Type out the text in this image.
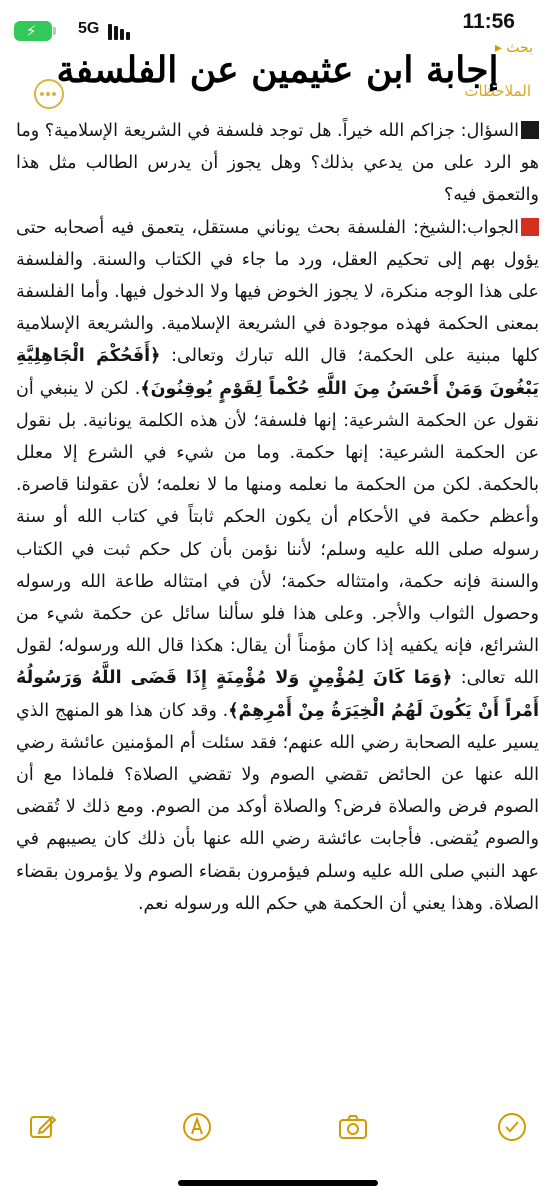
⚡	5G	11:56
بحث ▸
الملاحظات
إجابة ابن عثيمين عن الفلسفة

السؤال: جزاكم الله خيراً. هل توجد فلسفة في الشريعة الإسلامية؟ وما هو الرد على من يدعي بذلك؟ وهل يجوز أن يدرس الطالب مثل هذا والتعمق فيه؟

الجواب:الشيخ: الفلسفة بحث يوناني مستقل، يتعمق فيه أصحابه حتى يؤول بهم إلى تحكيم العقل، ورد ما جاء في الكتاب والسنة. والفلسفة على هذا الوجه منكرة، لا يجوز الخوض فيها ولا الدخول فيها. وأما الفلسفة بمعنى الحكمة فهذه موجودة في الشريعة الإسلامية. والشريعة الإسلامية كلها مبنية على الحكمة؛ قال الله تبارك وتعالى: ﴿أَفَحُكْمَ الْجَاهِلِيَّةِ يَبْغُونَ وَمَنْ أَحْسَنُ مِنَ اللَّهِ حُكْماً لِقَوْمٍ يُوقِنُونَ﴾. لكن لا ينبغي أن نقول عن الحكمة الشرعية: إنها فلسفة؛ لأن هذه الكلمة يونانية. بل نقول عن الحكمة الشرعية: إنها حكمة. وما من شيء في الشرع إلا معلل بالحكمة. لكن من الحكمة ما نعلمه ومنها ما لا نعلمه؛ لأن عقولنا قاصرة. وأعظم حكمة في الأحكام أن يكون الحكم ثابتاً في كتاب الله أو سنة رسوله صلى الله عليه وسلم؛ لأننا نؤمن بأن كل حكم ثبت في الكتاب والسنة فإنه حكمة، وامتثاله حكمة؛ لأن في امتثاله طاعة الله ورسوله وحصول الثواب والأجر. وعلى هذا فلو سألنا سائل عن حكمة شيء من الشرائع، فإنه يكفيه إذا كان مؤمناً أن يقال: هكذا قال الله ورسوله؛ لقول الله تعالى: ﴿وَمَا كَانَ لِمُؤْمِنٍ وَلا مُؤْمِنَةٍ إِذَا قَضَى اللَّهُ وَرَسُولُهُ أَمْراً أَنْ يَكُونَ لَهُمُ الْخِيَرَةُ مِنْ أَمْرِهِمْ﴾. وقد كان هذا هو المنهج الذي يسير عليه الصحابة رضي الله عنهم؛ فقد سئلت أم المؤمنين عائشة رضي الله عنها عن الحائض تقضي الصوم ولا تقضي الصلاة؟ فلماذا مع أن الصوم فرض والصلاة فرض؟ والصلاة أوكد من الصوم. ومع ذلك لا تُقضى والصوم يُقضى. فأجابت عائشة رضي الله عنها بأن ذلك كان يصيبهم في عهد النبي صلى الله عليه وسلم فيؤمرون بقضاء الصوم ولا يؤمرون بقضاء الصلاة. وهذا يعني أن الحكمة هي حكم الله ورسوله نعم.
